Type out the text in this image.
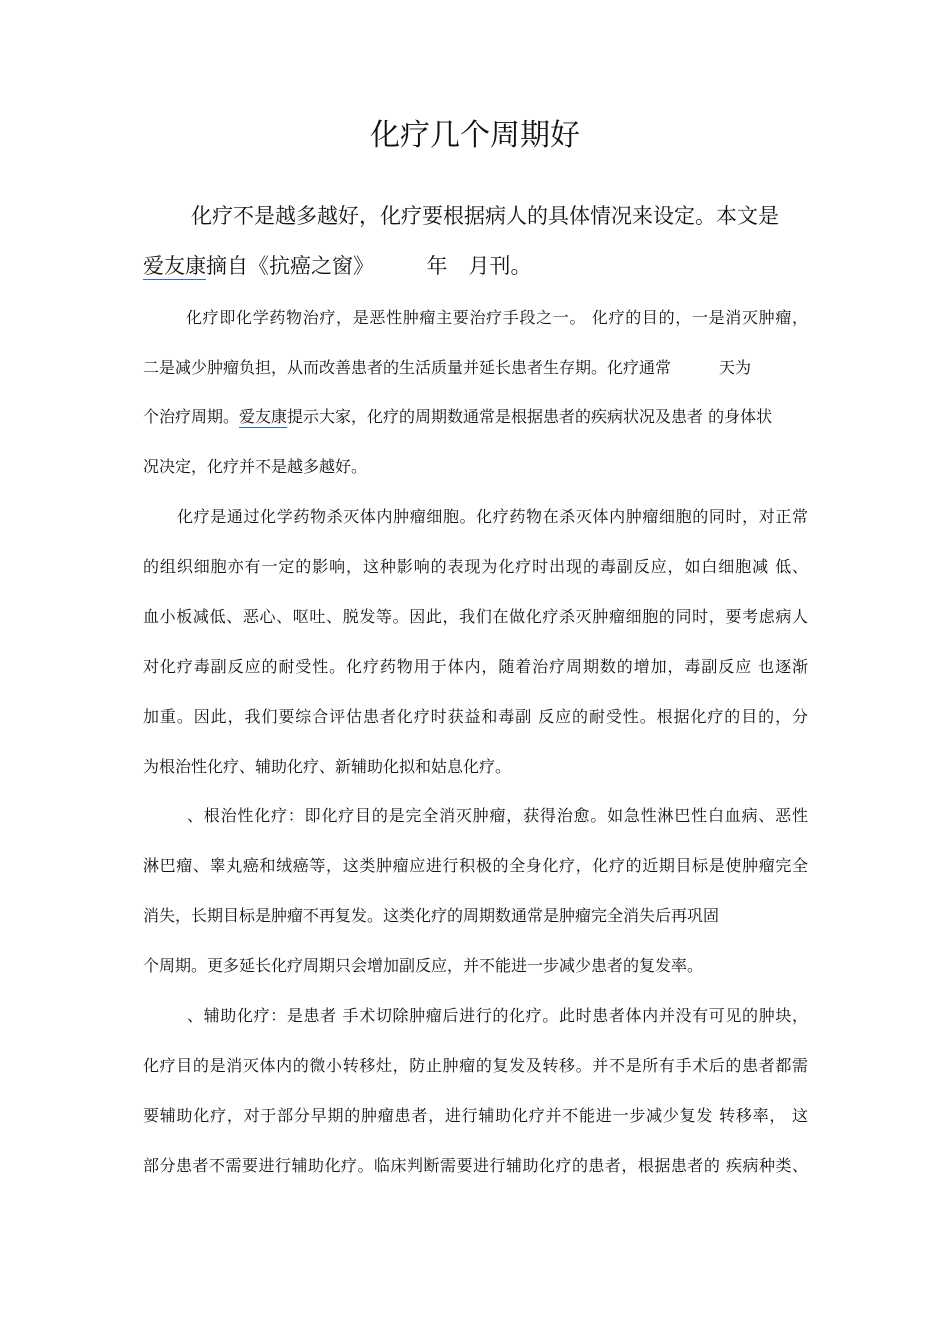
化疗几个周期好
化疗不是越多越好，化疗要根据病人的具体情况来设定。本文是
爱友康摘自《抗癌之窗》　　　年　月刊。
化疗即化学药物治疗，是恶性肿瘤主要治疗手段之一。 化疗的目的，一是消灭肿瘤，
二是减少肿瘤负担，从而改善患者的生活质量并延长患者生存期。化疗通常　　　天为
个治疗周期。爱友康提示大家，化疗的周期数通常是根据患者的疾病状况及患者 的身体状
况决定，化疗并不是越多越好。
化疗是通过化学药物杀灭体内肿瘤细胞。化疗药物在杀灭体内肿瘤细胞的同时，对正常
的组织细胞亦有一定的影响，这种影响的表现为化疗时出现的毒副反应，如白细胞减 低、
血小板减低、恶心、呕吐、脱发等。因此，我们在做化疗杀灭肿瘤细胞的同时，要考虑病人
对化疗毒副反应的耐受性。化疗药物用于体内，随着治疗周期数的增加，毒副反应 也逐渐
加重。因此，我们要综合评估患者化疗时获益和毒副 反应的耐受性。根据化疗的目的，分
为根治性化疗、辅助化疗、新辅助化拟和姑息化疗。
、根治性化疗：即化疗目的是完全消灭肿瘤，获得治愈。如急性淋巴性白血病、恶性
淋巴瘤、睾丸癌和绒癌等，这类肿瘤应进行积极的全身化疗，化疗的近期目标是使肿瘤完全
消失，长期目标是肿瘤不再复发。这类化疗的周期数通常是肿瘤完全消失后再巩固
个周期。更多延长化疗周期只会增加副反应，并不能进一步减少患者的复发率。
、辅助化疗：是患者 手术切除肿瘤后进行的化疗。此时患者体内并没有可见的肿块，
化疗目的是消灭体内的微小转移灶，防止肿瘤的复发及转移。并不是所有手术后的患者都需
要辅助化疗，对于部分早期的肿瘤患者，进行辅助化疗并不能进一步减少复发 转移率， 这
部分患者不需要进行辅助化疗。临床判断需要进行辅助化疗的患者，根据患者的 疾病种类、
